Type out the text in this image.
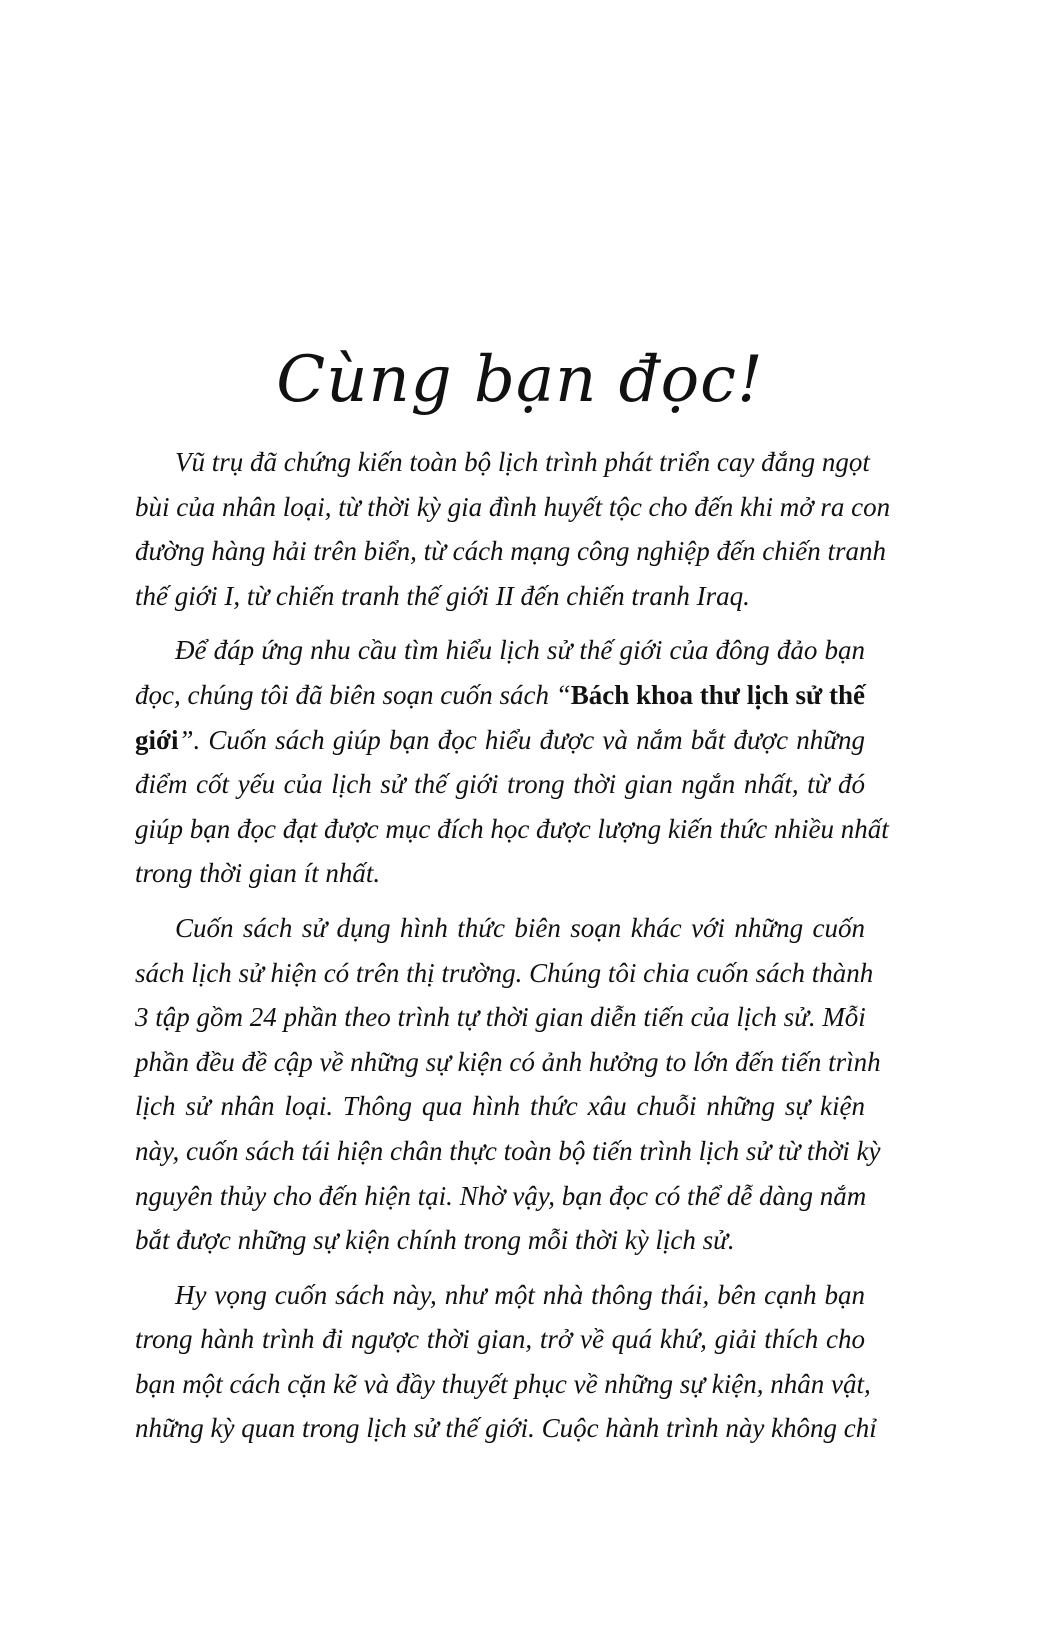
Cùng bạn đọc!
Vũ trụ đã chứng kiến toàn bộ lịch trình phát triển cay đắng ngọt
bùi của nhân loại, từ thời kỳ gia đình huyết tộc cho đến khi mở ra con
đường hàng hải trên biển, từ cách mạng công nghiệp đến chiến tranh
thế giới I, từ chiến tranh thế giới II đến chiến tranh Iraq.
Để đáp ứng nhu cầu tìm hiểu lịch sử thế giới của đông đảo bạn
đọc, chúng tôi đã biên soạn cuốn sách “Bách khoa thư lịch sử thế
giới”. Cuốn sách giúp bạn đọc hiểu được và nắm bắt được những
điểm cốt yếu của lịch sử thế giới trong thời gian ngắn nhất, từ đó
giúp bạn đọc đạt được mục đích học được lượng kiến thức nhiều nhất
trong thời gian ít nhất.
Cuốn sách sử dụng hình thức biên soạn khác với những cuốn
sách lịch sử hiện có trên thị trường. Chúng tôi chia cuốn sách thành
3 tập gồm 24 phần theo trình tự thời gian diễn tiến của lịch sử. Mỗi
phần đều đề cập về những sự kiện có ảnh hưởng to lớn đến tiến trình
lịch sử nhân loại. Thông qua hình thức xâu chuỗi những sự kiện
này, cuốn sách tái hiện chân thực toàn bộ tiến trình lịch sử từ thời kỳ
nguyên thủy cho đến hiện tại. Nhờ vậy, bạn đọc có thể dễ dàng nắm
bắt được những sự kiện chính trong mỗi thời kỳ lịch sử.
Hy vọng cuốn sách này, như một nhà thông thái, bên cạnh bạn
trong hành trình đi ngược thời gian, trở về quá khứ, giải thích cho
bạn một cách cặn kẽ và đầy thuyết phục về những sự kiện, nhân vật,
những kỳ quan trong lịch sử thế giới. Cuộc hành trình này không chỉ
